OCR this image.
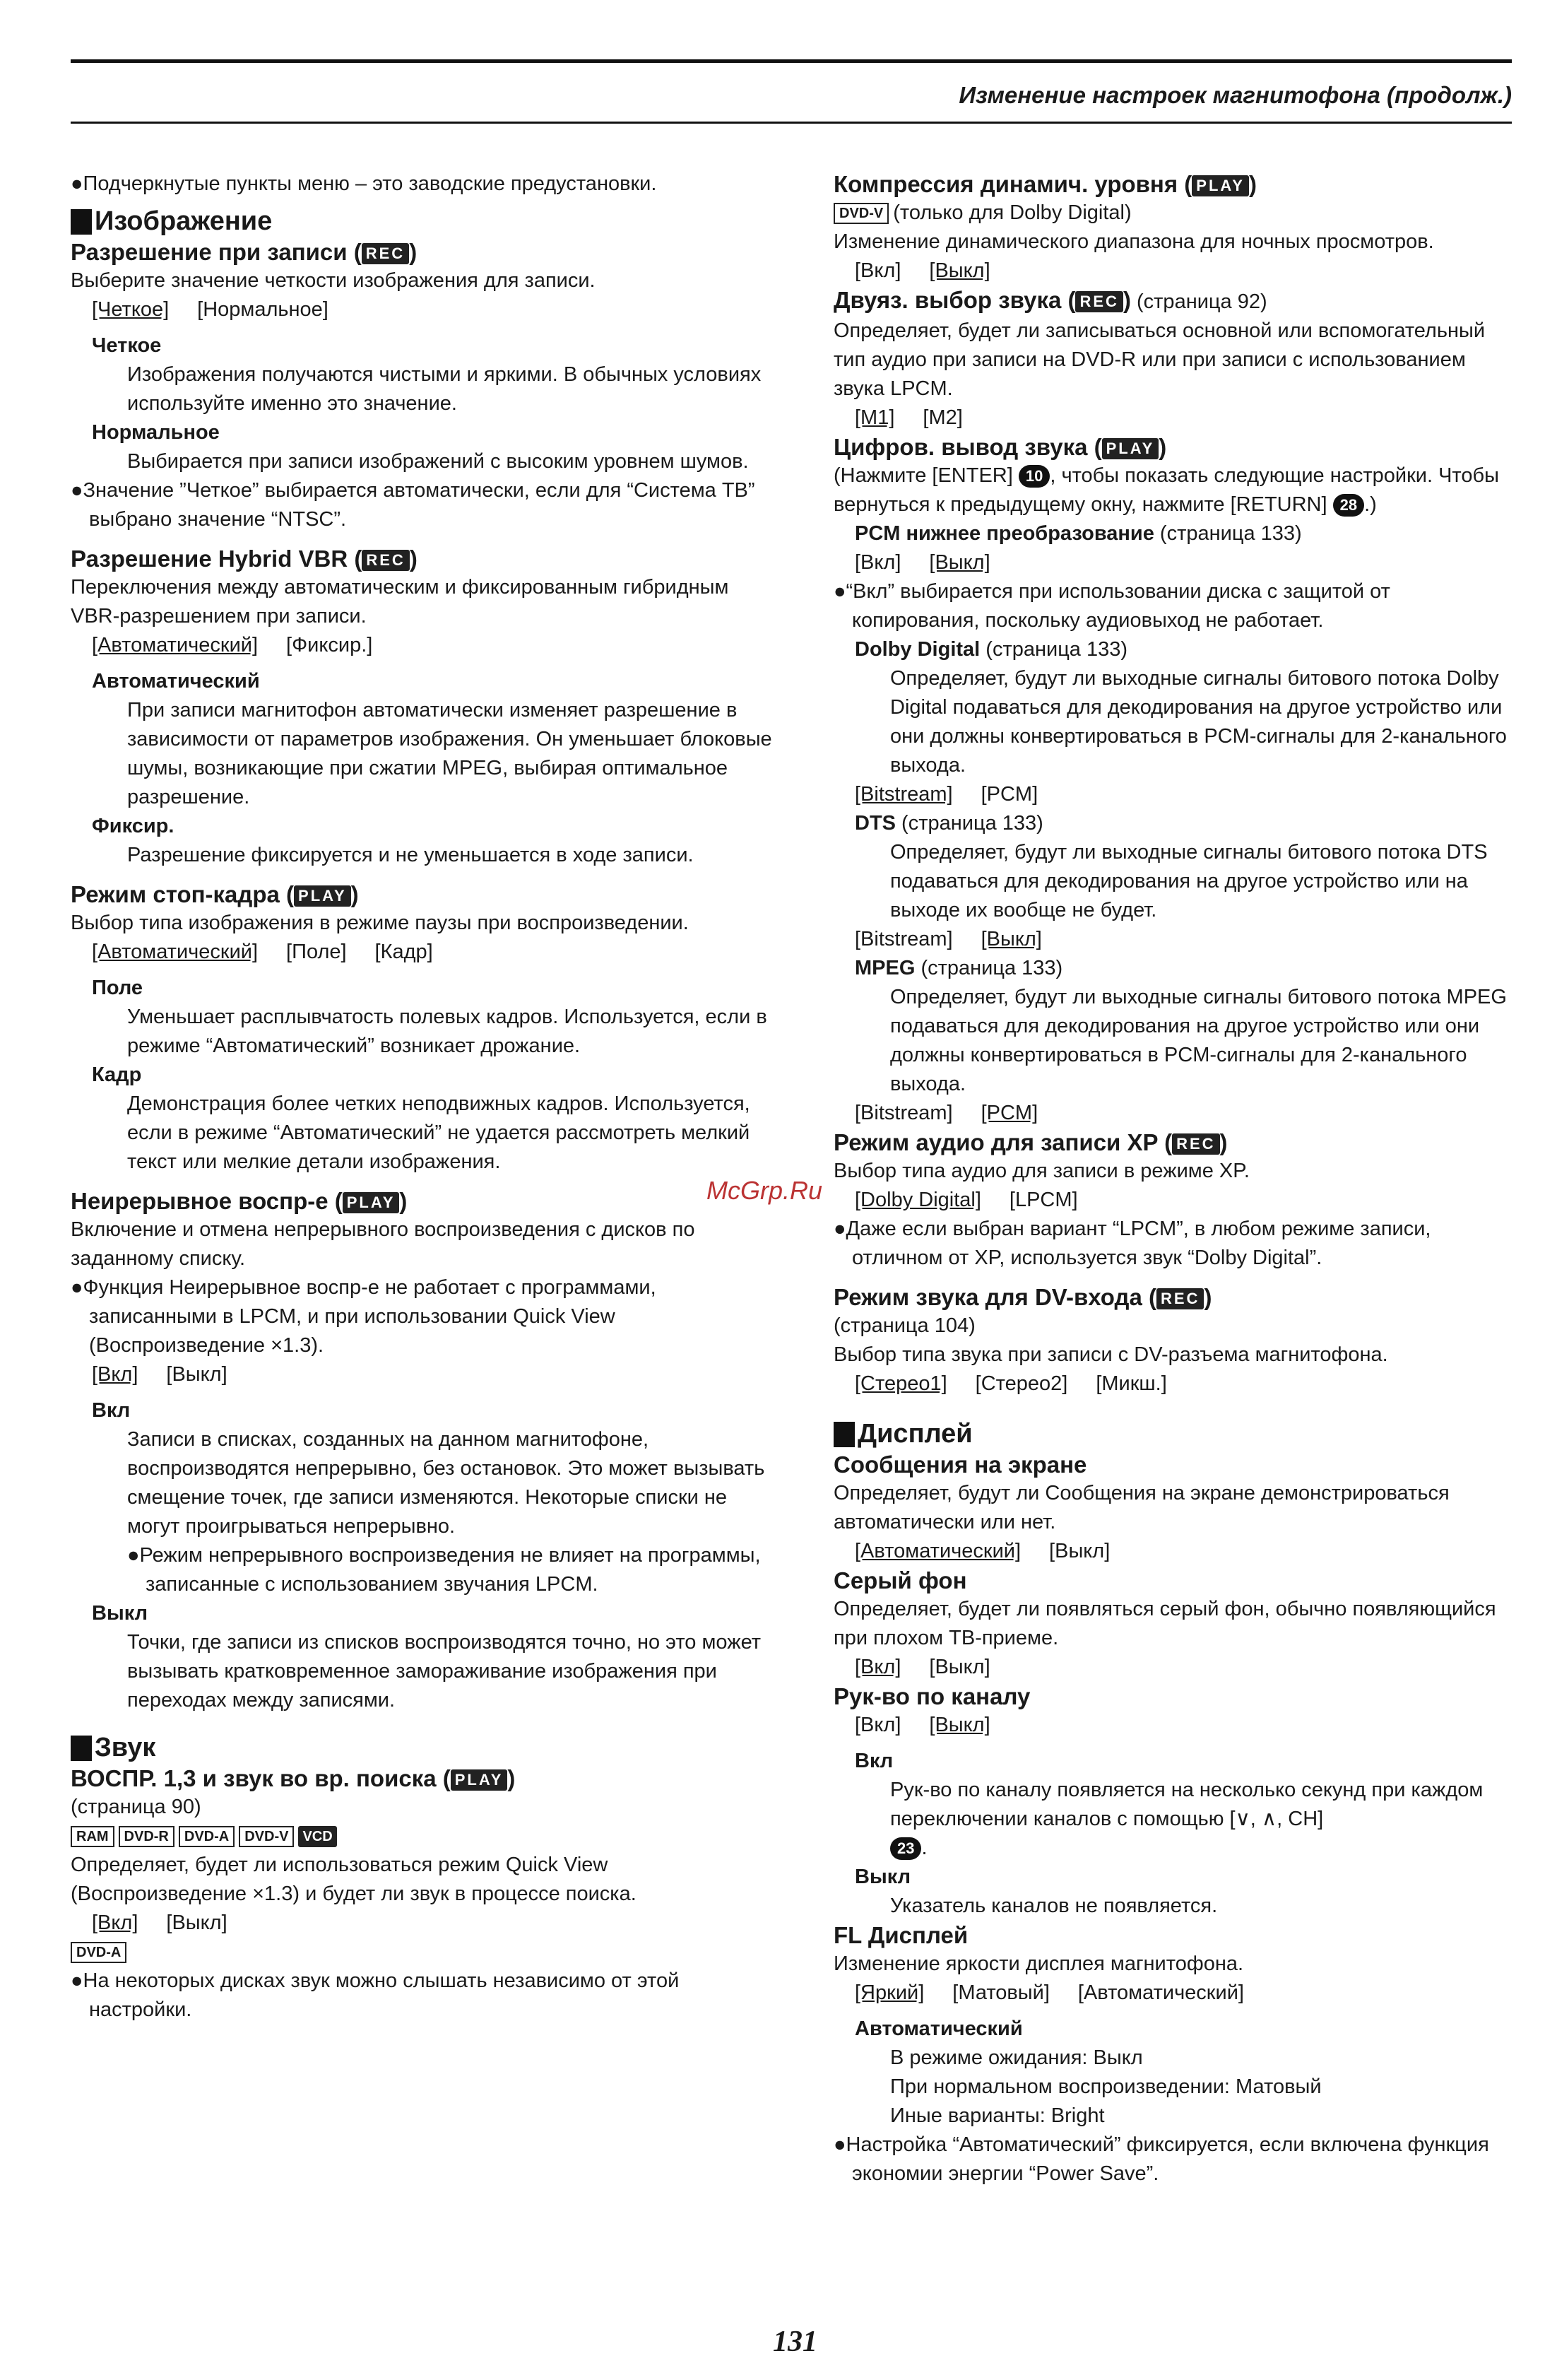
Изменение настроек магнитофона (продолж.)

●Подчеркнутые пункты меню – это заводские предустановки.

Изображение
Разрешение при записи ( REC )

Выберите значение четкости изображения для записи.

[Четкое] [Нормальное]
Четкое

Изображения получаются чистыми и яркими. В обычных условиях используйте именно это значение.

Нормальное

Выбирается при записи изображений с высоким уровнем шумов.

●Значение ”Четкое” выбирается автоматически, если для “Система ТВ” выбрано значение “NTSC”.

Разрешение Hybrid VBR ( REC )

Переключения между автоматическим и фиксированным гибридным VBR-разрешением при записи.

[Автоматический] [Фиксир.]
Автоматический

При записи магнитофон автоматически изменяет разрешение в зависимости от параметров изображения. Он уменьшает блоковые шумы, возникающие при сжатии MPEG, выбирая оптимальное разрешение.

Фиксир.

Разрешение фиксируется и не уменьшается в ходе записи.

Режим стоп-кадра ( PLAY )

Выбор типа изображения в режиме паузы при воспроизведении.

[Автоматический] [Поле] [Кадр]
Поле

Уменьшает расплывчатость полевых кадров. Используется, если в режиме “Автоматический” возникает дрожание.

Кадр

Демонстрация более четких неподвижных кадров. Используется, если в режиме “Автоматический” не удается рассмотреть мелкий текст или мелкие детали изображения.

Неирерывное воспр-е ( PLAY )

Включение и отмена непрерывного воспроизведения с дисков по заданному списку.

●Функция Неирерывное воспр-е не работает с программами, записанными в LPCM, и при использовании Quick View (Воспроизведение ×1.3).

[Вкл] [Выкл]
Вкл

Записи в списках, созданных на данном магнитофоне, воспроизводятся непрерывно, без остановок. Это может вызывать смещение точек, где записи изменяются. Некоторые списки не могут проигрываться непрерывно.

●Режим непрерывного воспроизведения не влияет на программы, записанные с использованием звучания LPCM.

Выкл

Точки, где записи из списков воспроизводятся точно, но это может вызывать кратковременное замораживание изображения при переходах между записями.

Звук
ВОСПР. 1,3 и звук во вр. поиска ( PLAY )

(страница 90)

RAM DVD-R DVD-A DVD-V VCD

Определяет, будет ли использоваться режим Quick View (Воспроизведение ×1.3) и будет ли звук в процессе поиска.

[Вкл] [Выкл]
DVD-A

●На некоторых дисках звук можно слышать независимо от этой настройки.

Компрессия динамич. уровня ( PLAY )
DVD-V (только для Dolby Digital)

Изменение динамического диапазона для ночных просмотров.

[Вкл] [Выкл]
Двуяз. выбор звука ( REC ) (страница 92)

Определяет, будет ли записываться основной или вспомогательный тип аудио при записи на DVD-R или при записи с использованием звука LPCM.

[M1] [M2]
Цифров. вывод звука ( PLAY )

(Нажмите [ENTER] 10 , чтобы показать следующие настройки. Чтобы вернуться к предыдущему окну, нажмите [RETURN] 28 .)

PCM нижнее преобразование (страница 133)
[Вкл] [Выкл]

●“Вкл” выбирается при использовании диска с защитой от копирования, поскольку аудиовыход не работает.

Dolby Digital (страница 133)

Определяет, будут ли выходные сигналы битового потока Dolby Digital подаваться для декодирования на другое устройство или они должны конвертироваться в PCM-сигналы для 2-канального выхода.

[Bitstream] [PCM]
DTS (страница 133)

Определяет, будут ли выходные сигналы битового потока DTS подаваться для декодирования на другое устройство или на выходе их вообще не будет.

[Bitstream] [Выкл]
MPEG (страница 133)

Определяет, будут ли выходные сигналы битового потока MPEG подаваться для декодирования на другое устройство или они должны конвертироваться в PCM-сигналы для 2-канального выхода.

[Bitstream] [PCM]
Режим аудио для записи XP ( REC )

Выбор типа аудио для записи в режиме XP.

[Dolby Digital] [LPCM]

●Даже если выбран вариант “LPCM”, в любом режиме записи, отличном от XP, используется звук “Dolby Digital”.

Режим звука для DV-входа ( REC )

(страница 104)

Выбор типа звука при записи с DV-разъема магнитофона.

[Стерео1] [Стерео2] [Микш.]
Дисплей
Сообщения на экране

Определяет, будут ли Сообщения на экране демонстрироваться автоматически или нет.

[Автоматический] [Выкл]
Серый фон

Определяет, будет ли появляться серый фон, обычно появляющийся при плохом ТВ-приеме.

[Вкл] [Выкл]
Рук-во по каналу
[Вкл] [Выкл]
Вкл

Рук-во по каналу появляется на несколько секунд при каждом переключении каналов с помощью [∨, ∧, CH]
23 .

Выкл

Указатель каналов не появляется.

FL Дисплей

Изменение яркости дисплея магнитофона.

[Яркий] [Матовый] [Автоматический]
Автоматический

В режиме ожидания: Выкл

При нормальном воспроизведении: Матовый

Иные варианты: Bright

●Настройка “Автоматический” фиксируется, если включена функция экономии энергии “Power Save”.

McGrp.Ru
131
